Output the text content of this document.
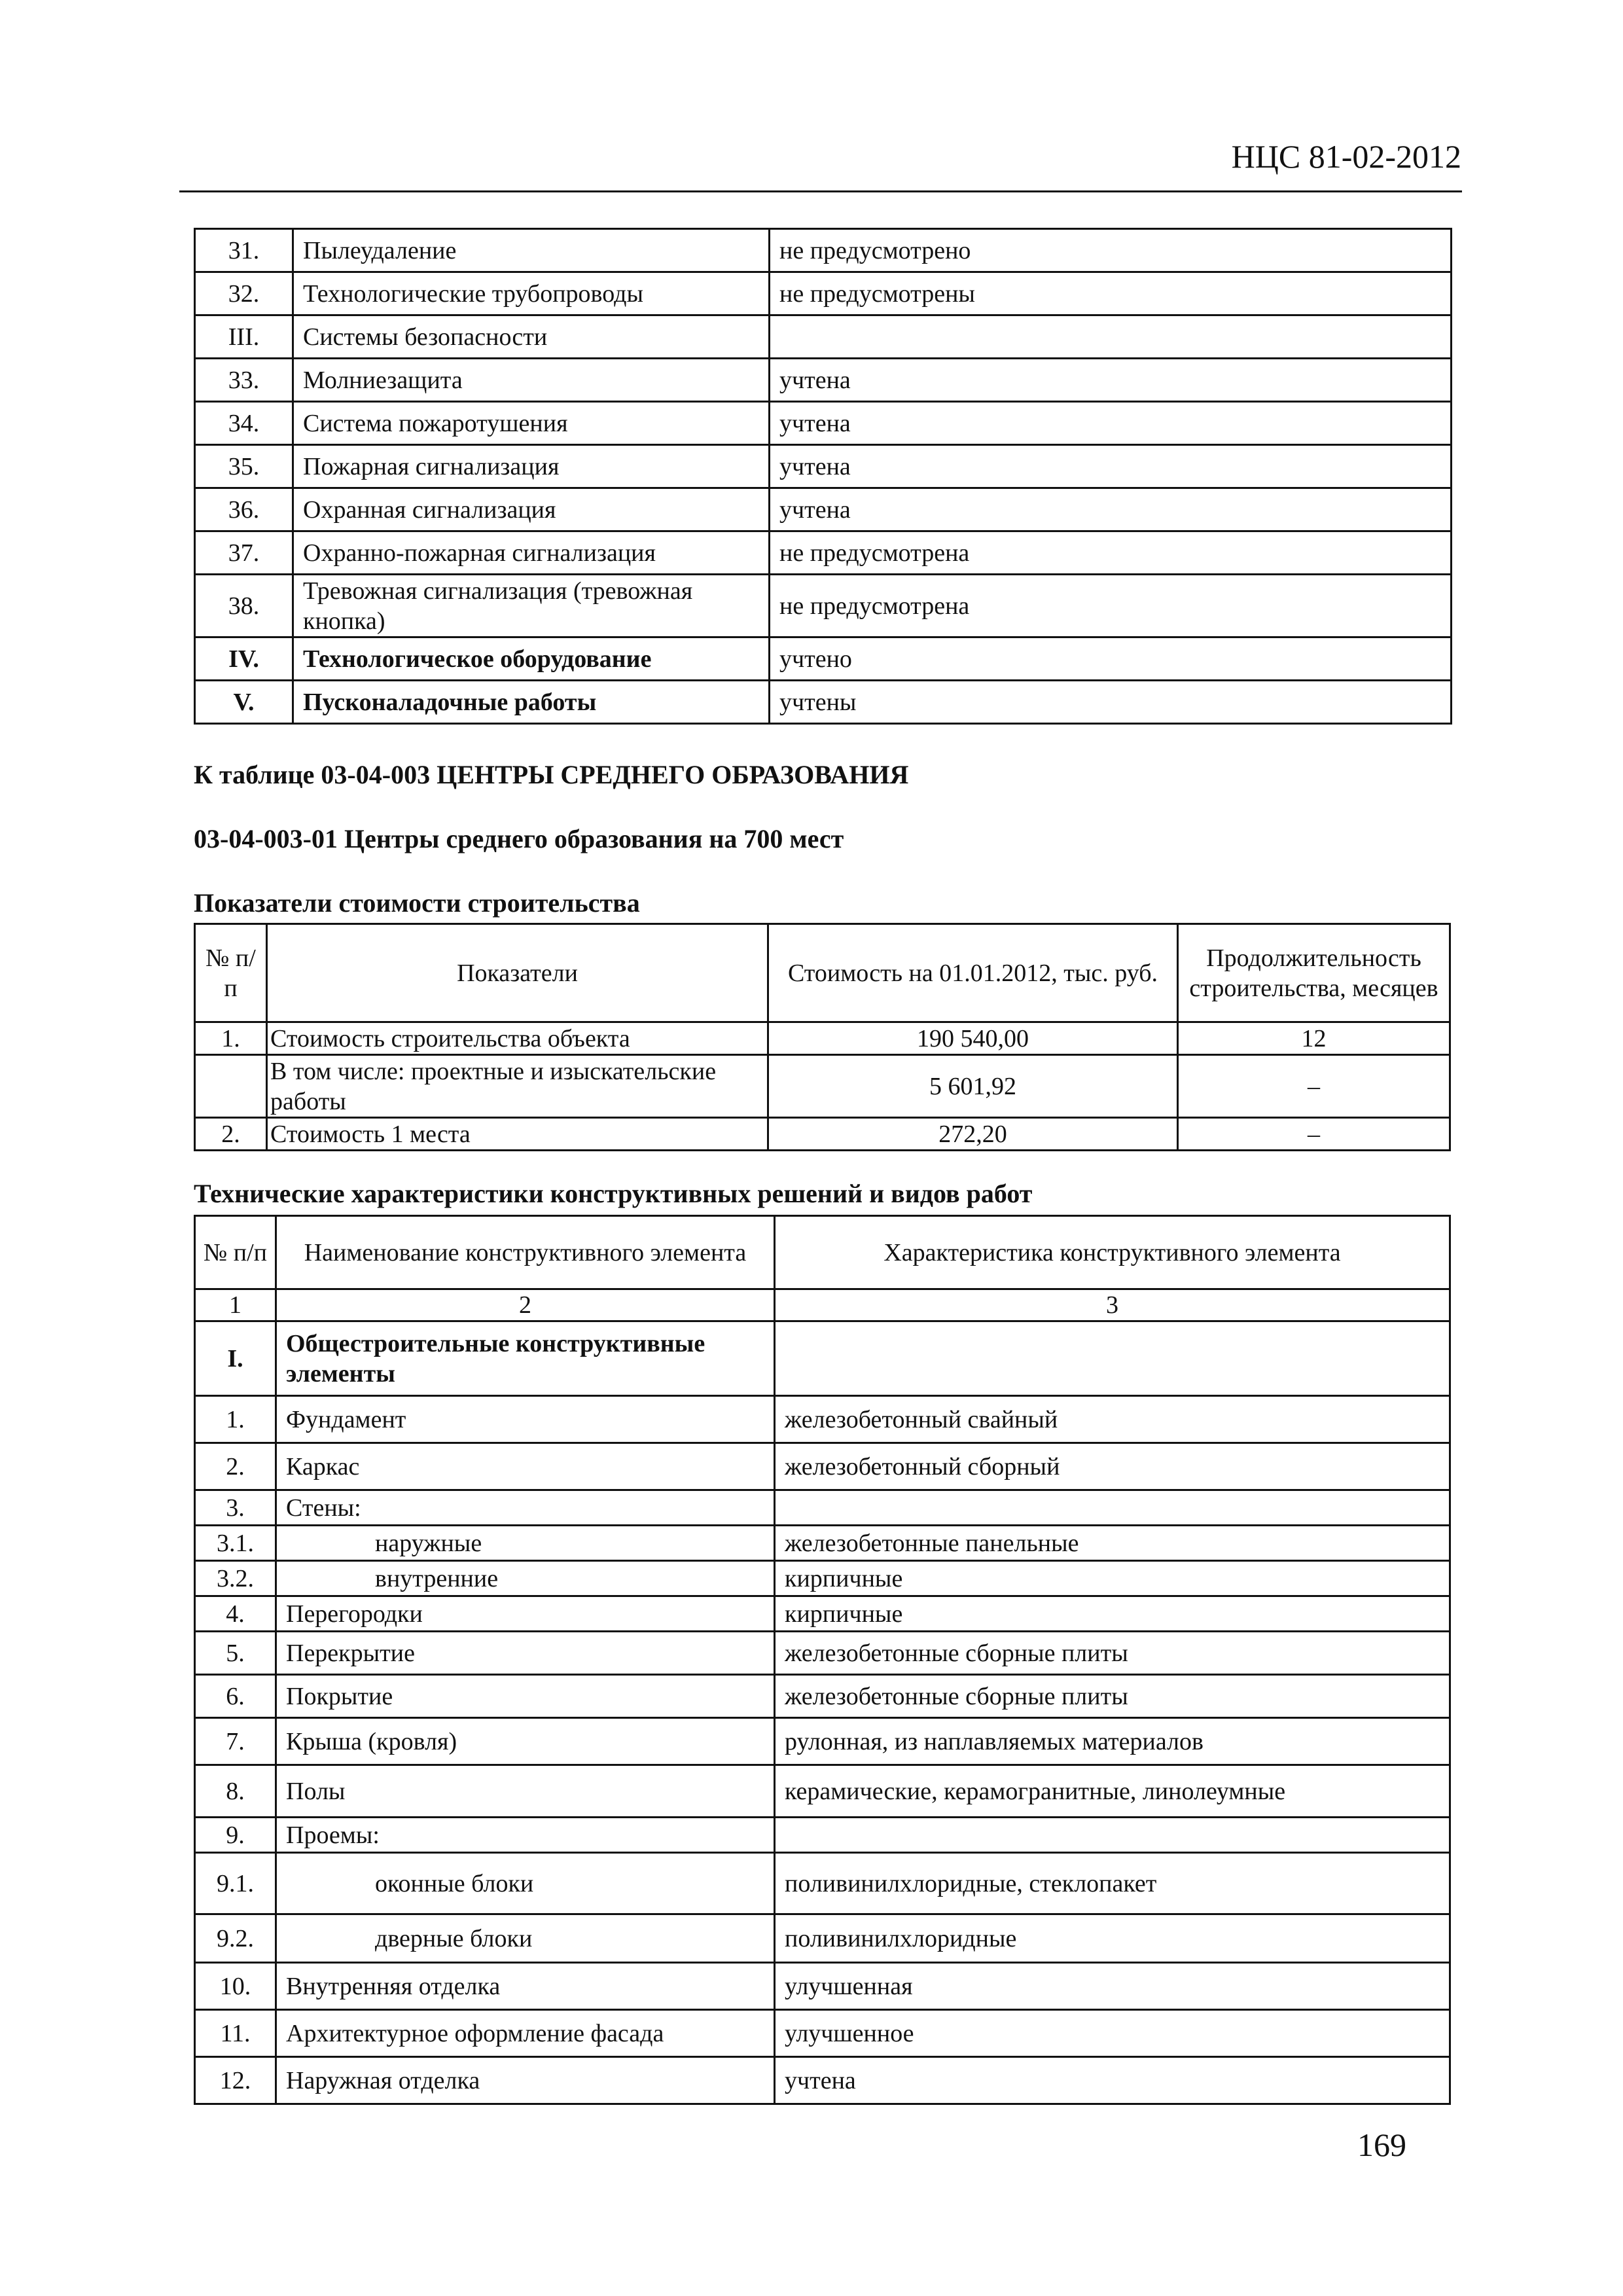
НЦС 81-02-2012
31.	Пылеудаление	не предусмотрено
32.	Технологические трубопроводы	не предусмотрены
III.	Системы безопасности	
33.	Молниезащита	учтена
34.	Система пожаротушения	учтена
35.	Пожарная сигнализация	учтена
36.	Охранная сигнализация	учтена
37.	Охранно-пожарная сигнализация	не предусмотрена
38.	Тревожная сигнализация (тревожная кнопка)	не предусмотрена
IV.	Технологическое оборудование	учтено
V.	Пусконаладочные работы	учтены
К таблице 03-04-003 ЦЕНТРЫ СРЕДНЕГО ОБРАЗОВАНИЯ
03-04-003-01 Центры среднего образования на 700 мест
Показатели стоимости строительства
№ п/п	Показатели	Стоимость на 01.01.2012, тыс. руб.	Продолжительность строительства, месяцев
1.	Стоимость строительства объекта	190 540,00	12
	В том числе: проектные и изыскательские работы	5 601,92	–
2.	Стоимость 1 места	272,20	–
Технические характеристики конструктивных решений и видов работ
№ п/п	Наименование конструктивного элемента	Характеристика конструктивного элемента
1	2	3
I.	Общестроительные конструктивные элементы	
1.	Фундамент	железобетонный свайный
2.	Каркас	железобетонный сборный
3.	Стены:	
3.1.	наружные	железобетонные панельные
3.2.	внутренние	кирпичные
4.	Перегородки	кирпичные
5.	Перекрытие	железобетонные сборные плиты
6.	Покрытие	железобетонные сборные плиты
7.	Крыша (кровля)	рулонная, из наплавляемых материалов
8.	Полы	керамические, керамогранитные, линолеумные
9.	Проемы:	
9.1.	оконные блоки	поливинилхлоридные, стеклопакет
9.2.	дверные блоки	поливинилхлоридные
10.	Внутренняя отделка	улучшенная
11.	Архитектурное оформление фасада	улучшенное
12.	Наружная отделка	учтена
169
